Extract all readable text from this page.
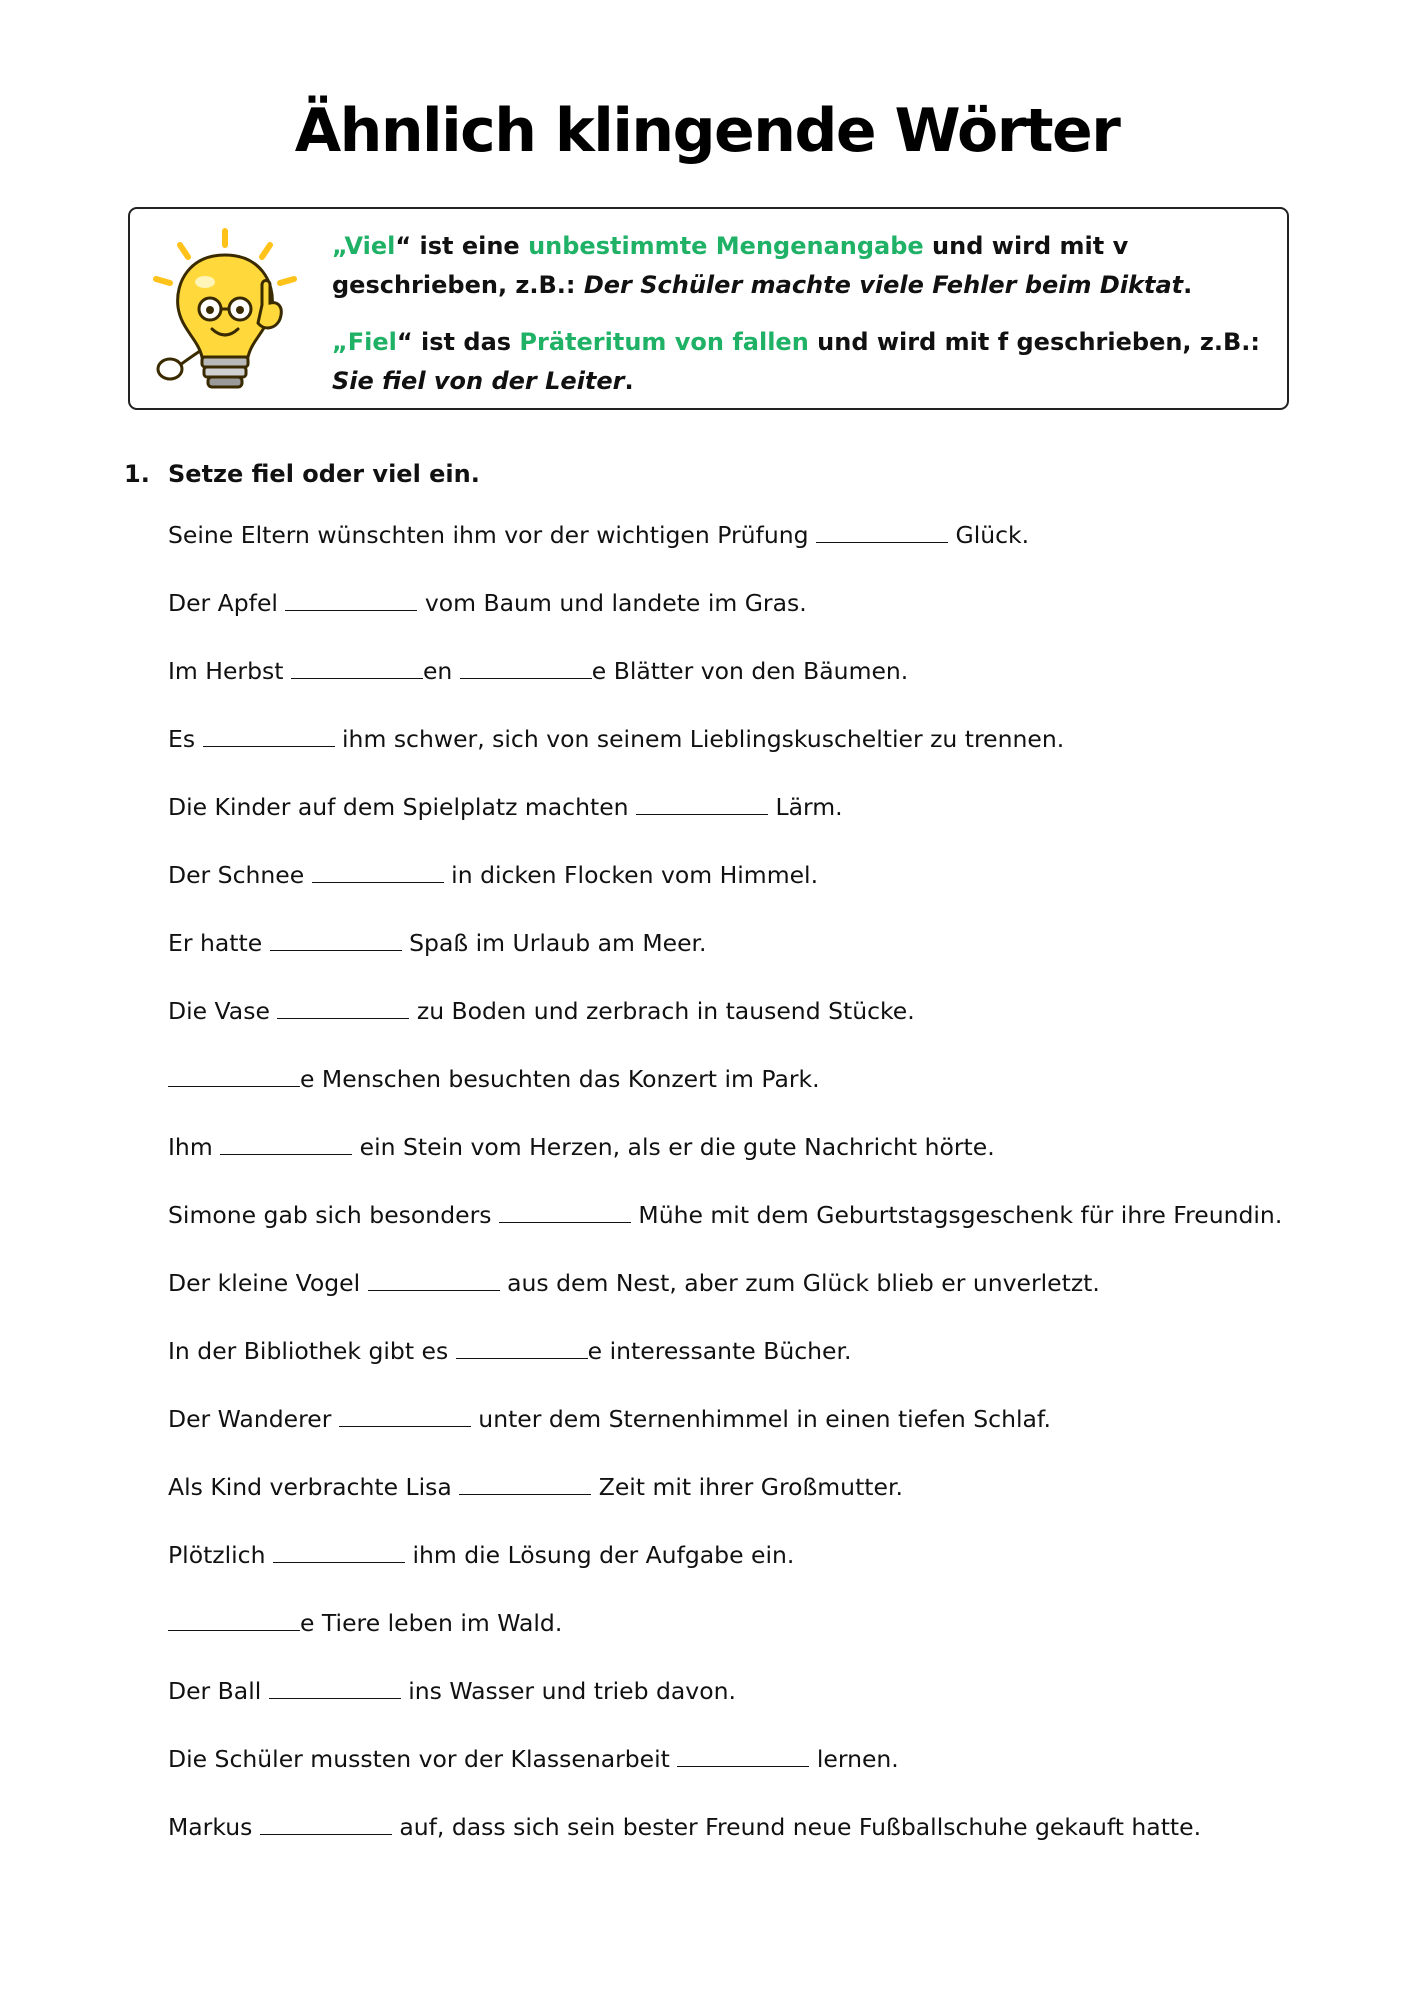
Ähnlich klingende Wörter

„Viel“ ist eine unbestimmte Mengenangabe und wird mit v geschrieben, z.B.: Der Schüler machte viele Fehler beim Diktat.

„Fiel“ ist das Präteritum von fallen und wird mit f geschrieben, z.B.: Sie fiel von der Leiter.

1. Setze fiel oder viel ein.
Seine Eltern wünschten ihm vor der wichtigen Prüfung	Glück.
Der Apfel	vom Baum und landete im Gras.
Im Herbst	en	e Blätter von den Bäumen.
Es	ihm schwer, sich von seinem Lieblingskuscheltier zu trennen.
Die Kinder auf dem Spielplatz machten	Lärm.
Der Schnee	in dicken Flocken vom Himmel.
Er hatte	Spaß im Urlaub am Meer.
Die Vase	zu Boden und zerbrach in tausend Stücke.
e Menschen besuchten das Konzert im Park.
Ihm	ein Stein vom Herzen, als er die gute Nachricht hörte.
Simone gab sich besonders	Mühe mit dem Geburtstagsgeschenk für ihre Freundin.
Der kleine Vogel	aus dem Nest, aber zum Glück blieb er unverletzt.
In der Bibliothek gibt es	e interessante Bücher.
Der Wanderer	unter dem Sternenhimmel in einen tiefen Schlaf.
Als Kind verbrachte Lisa	Zeit mit ihrer Großmutter.
Plötzlich	ihm die Lösung der Aufgabe ein.
e Tiere leben im Wald.
Der Ball	ins Wasser und trieb davon.
Die Schüler mussten vor der Klassenarbeit	lernen.
Markus	auf, dass sich sein bester Freund neue Fußballschuhe gekauft hatte.
